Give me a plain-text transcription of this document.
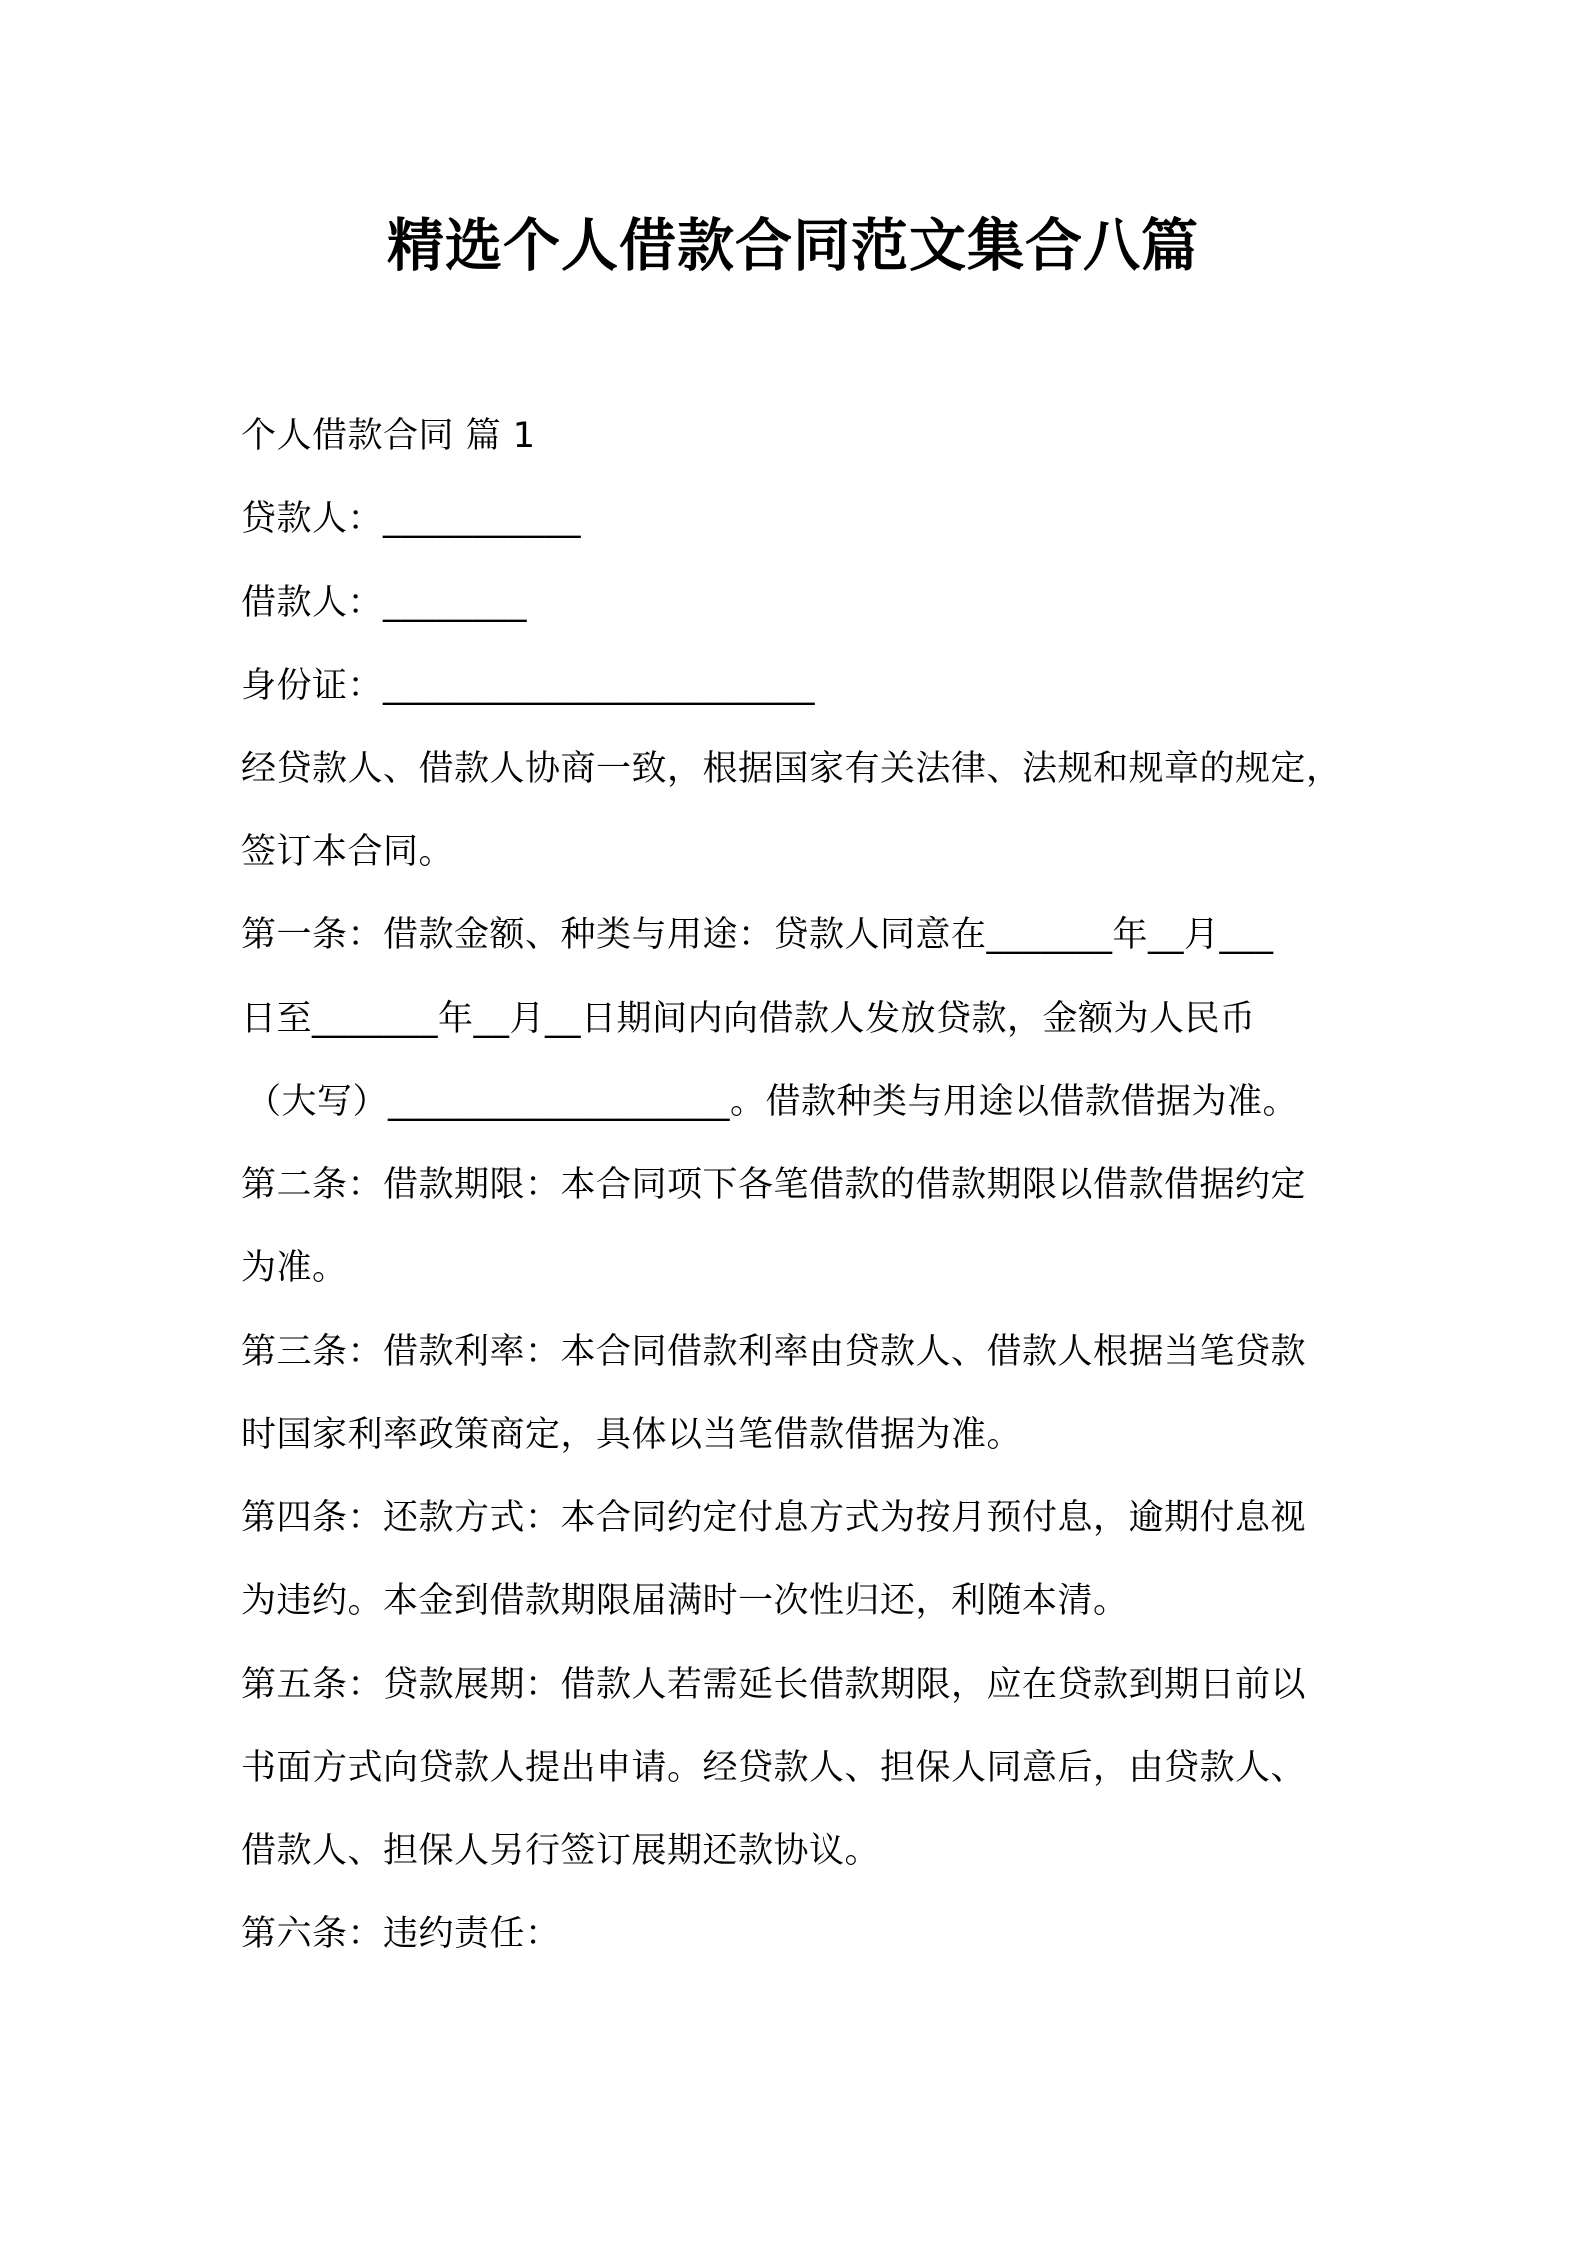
精选个人借款合同范文集合八篇
个人借款合同 篇 1
贷款人：___________
借款人：________
身份证：________________________
经贷款人、借款人协商一致，根据国家有关法律、法规和规章的规定，
签订本合同。
第一条：借款金额、种类与用途：贷款人同意在_______年__月___
日至_______年__月__日期间内向借款人发放贷款，金额为人民币
（大写）___________________。借款种类与用途以借款借据为准。
第二条：借款期限：本合同项下各笔借款的借款期限以借款借据约定
为准。
第三条：借款利率：本合同借款利率由贷款人、借款人根据当笔贷款
时国家利率政策商定，具体以当笔借款借据为准。
第四条：还款方式：本合同约定付息方式为按月预付息，逾期付息视
为违约。本金到借款期限届满时一次性归还，利随本清。
第五条：贷款展期：借款人若需延长借款期限，应在贷款到期日前以
书面方式向贷款人提出申请。经贷款人、担保人同意后，由贷款人、
借款人、担保人另行签订展期还款协议。
第六条：违约责任：
